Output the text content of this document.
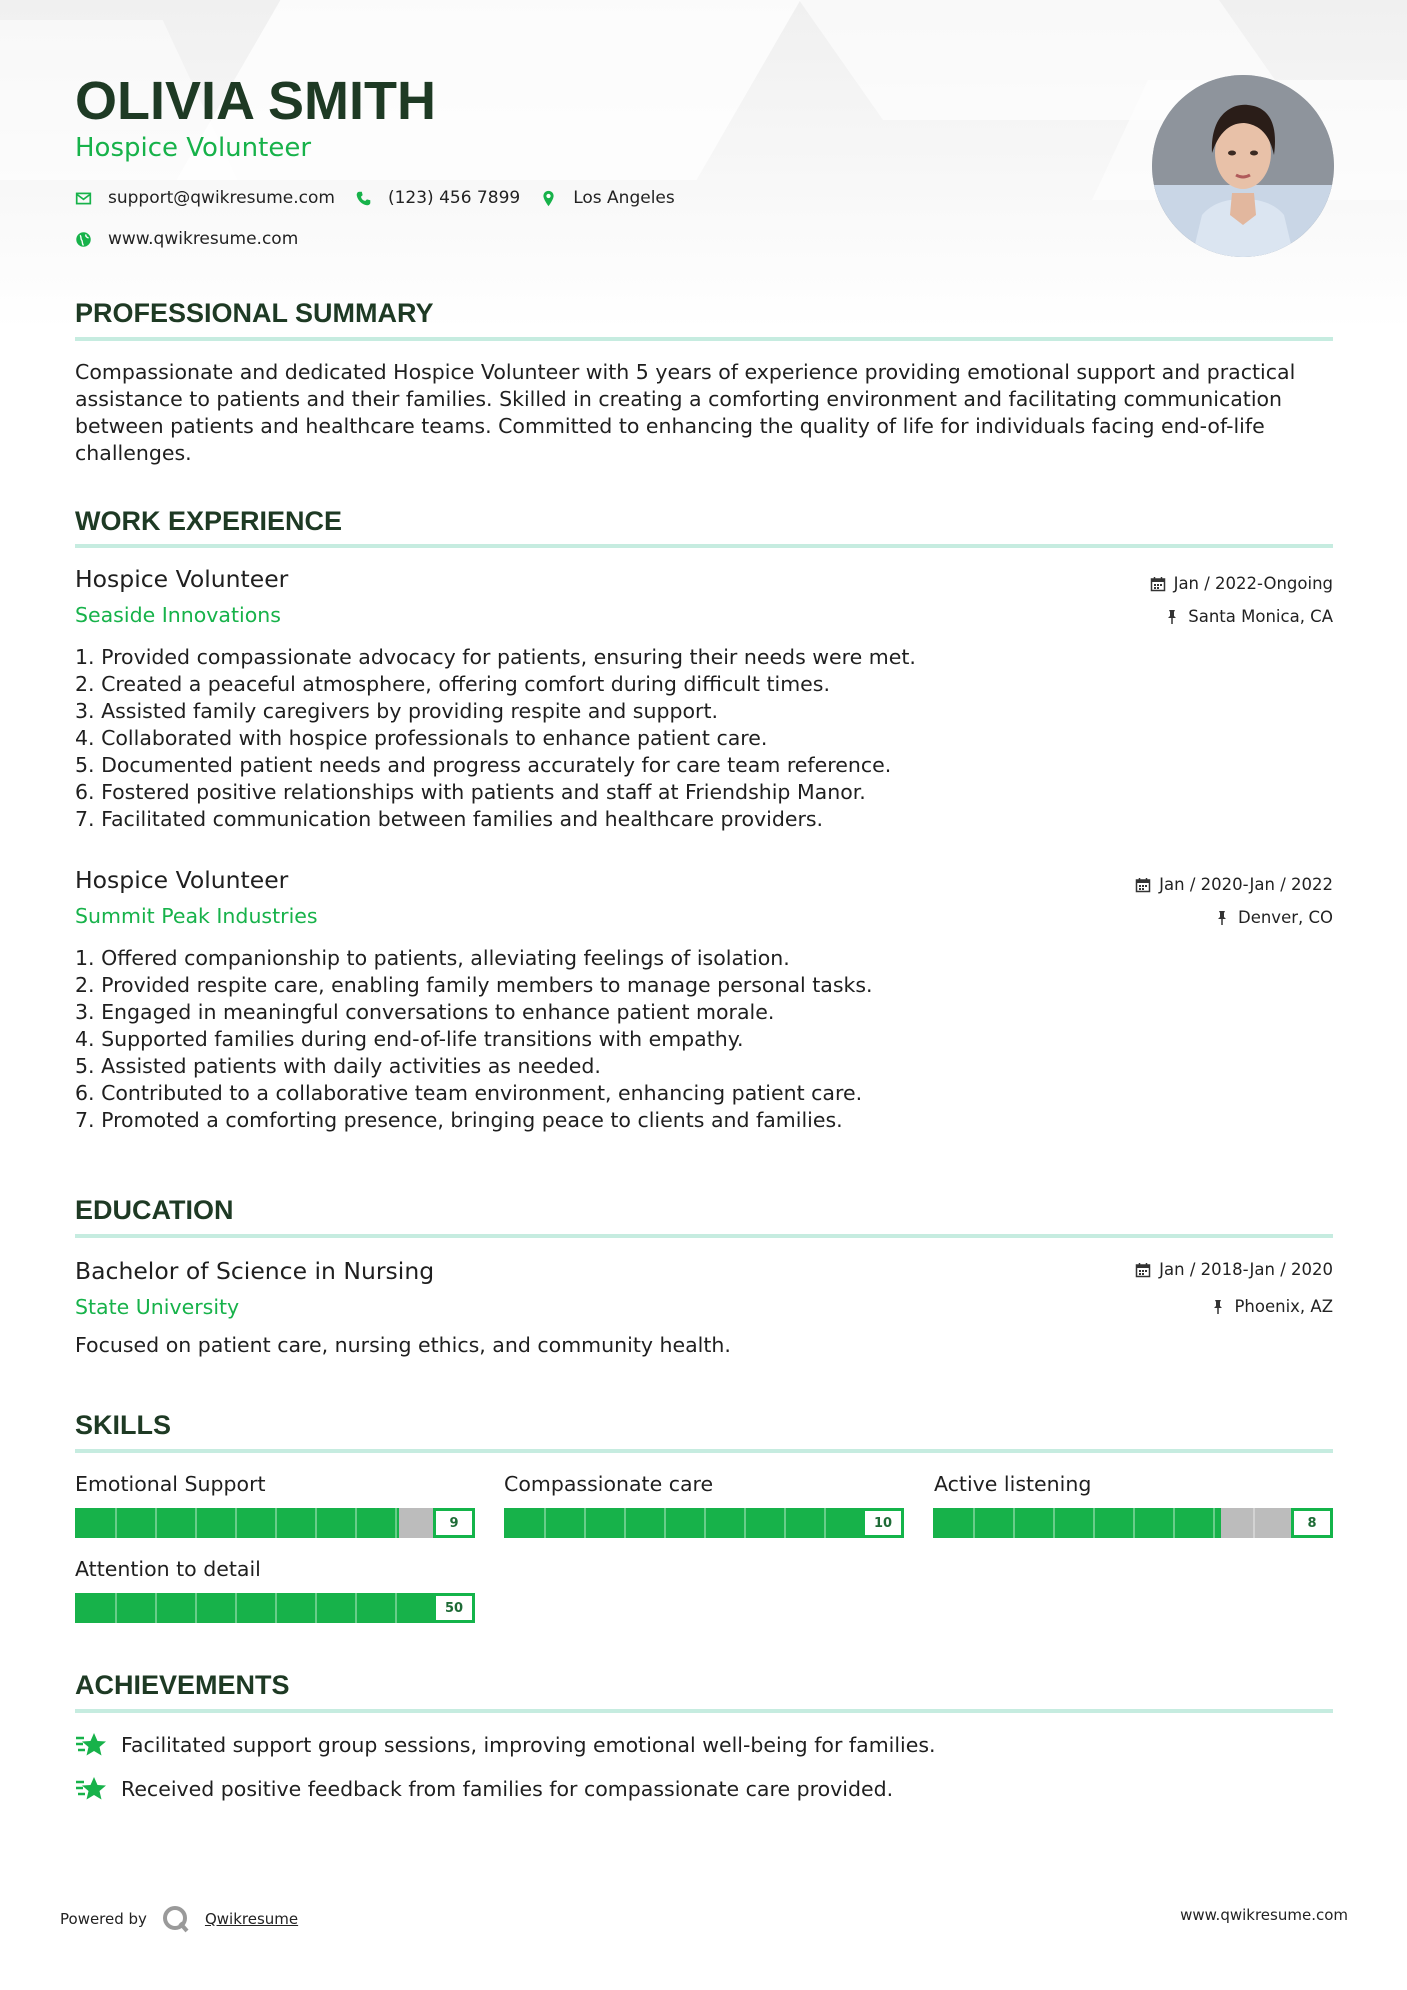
OLIVIA SMITH
Hospice Volunteer
support@qwikresume.com	(123) 456 7899	Los Angeles
www.qwikresume.com
PROFESSIONAL SUMMARY
Compassionate and dedicated Hospice Volunteer with 5 years of experience providing emotional support and practical assistance to patients and their families. Skilled in creating a comforting environment and facilitating communication between patients and healthcare teams. Committed to enhancing the quality of life for individuals facing end-of-life challenges.
WORK EXPERIENCE
Hospice Volunteer
Seaside Innovations
Jan / 2022-Ongoing
Santa Monica, CA
1. Provided compassionate advocacy for patients, ensuring their needs were met.
2. Created a peaceful atmosphere, offering comfort during difficult times.
3. Assisted family caregivers by providing respite and support.
4. Collaborated with hospice professionals to enhance patient care.
5. Documented patient needs and progress accurately for care team reference.
6. Fostered positive relationships with patients and staff at Friendship Manor.
7. Facilitated communication between families and healthcare providers.
Hospice Volunteer
Summit Peak Industries
Jan / 2020-Jan / 2022
Denver, CO
1. Offered companionship to patients, alleviating feelings of isolation.
2. Provided respite care, enabling family members to manage personal tasks.
3. Engaged in meaningful conversations to enhance patient morale.
4. Supported families during end-of-life transitions with empathy.
5. Assisted patients with daily activities as needed.
6. Contributed to a collaborative team environment, enhancing patient care.
7. Promoted a comforting presence, bringing peace to clients and families.
EDUCATION
Bachelor of Science in Nursing
State University
Jan / 2018-Jan / 2020
Phoenix, AZ
Focused on patient care, nursing ethics, and community health.
SKILLS
Emotional Support
9
Compassionate care
10
Active listening
8
Attention to detail
50
ACHIEVEMENTS
Facilitated support group sessions, improving emotional well-being for families.
Received positive feedback from families for compassionate care provided.
Powered by	Qwikresume	www.qwikresume.com
